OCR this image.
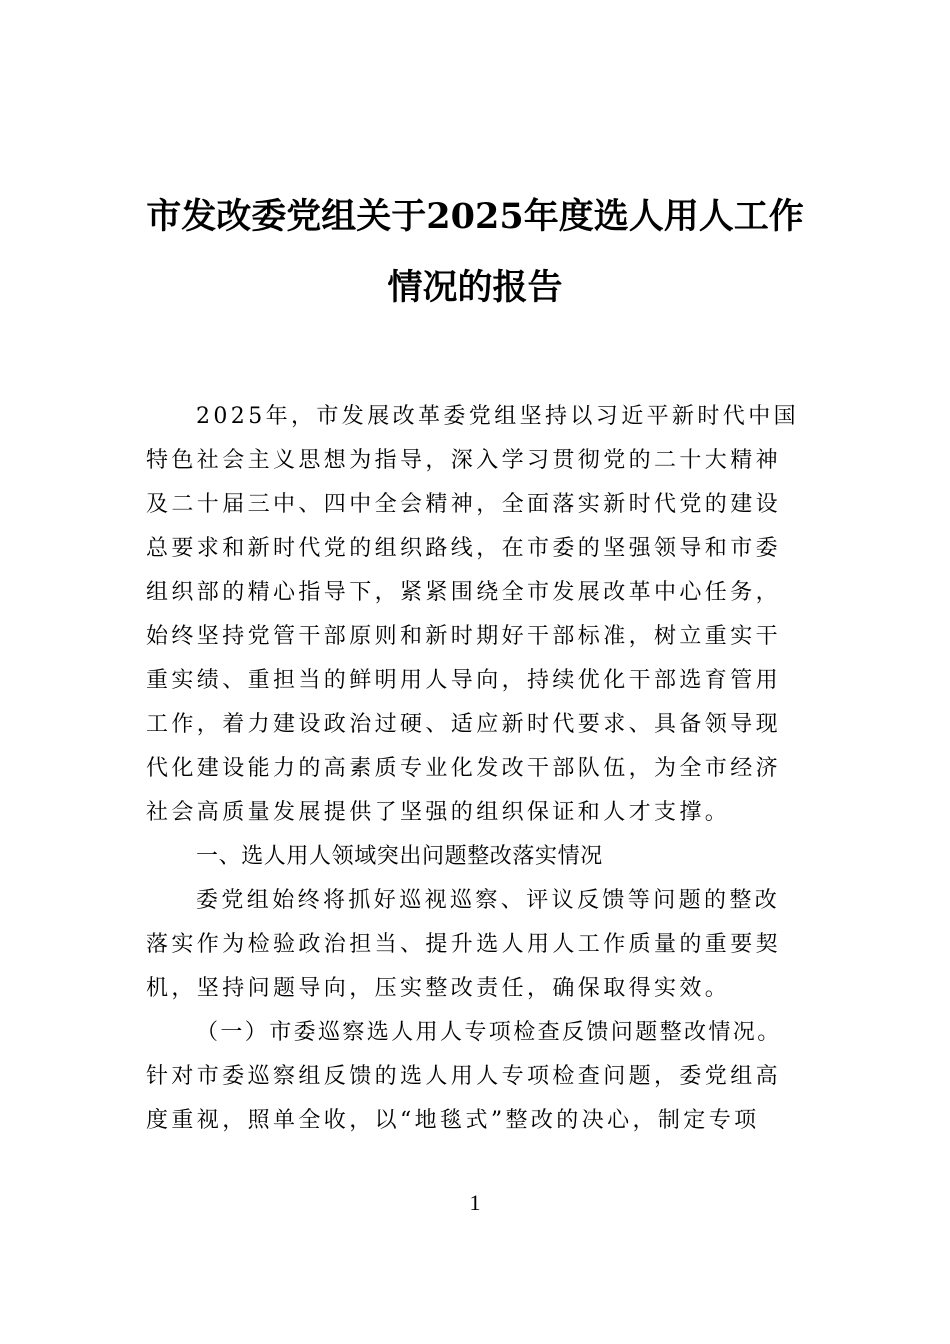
市发改委党组关于2025年度选人用人工作
情况的报告
2025年，市发展改革委党组坚持以习近平新时代中国
特色社会主义思想为指导，深入学习贯彻党的二十大精神
及二十届三中、四中全会精神，全面落实新时代党的建设
总要求和新时代党的组织路线，在市委的坚强领导和市委
组织部的精心指导下，紧紧围绕全市发展改革中心任务，
始终坚持党管干部原则和新时期好干部标准，树立重实干
重实绩、重担当的鲜明用人导向，持续优化干部选育管用
工作，着力建设政治过硬、适应新时代要求、具备领导现
代化建设能力的高素质专业化发改干部队伍，为全市经济
社会高质量发展提供了坚强的组织保证和人才支撑。
一、选人用人领域突出问题整改落实情况
委党组始终将抓好巡视巡察、评议反馈等问题的整改
落实作为检验政治担当、提升选人用人工作质量的重要契
机，坚持问题导向，压实整改责任，确保取得实效。
（一）市委巡察选人用人专项检查反馈问题整改情况。
针对市委巡察组反馈的选人用人专项检查问题，委党组高
度重视，照单全收，以“地毯式”整改的决心，制定专项
1
